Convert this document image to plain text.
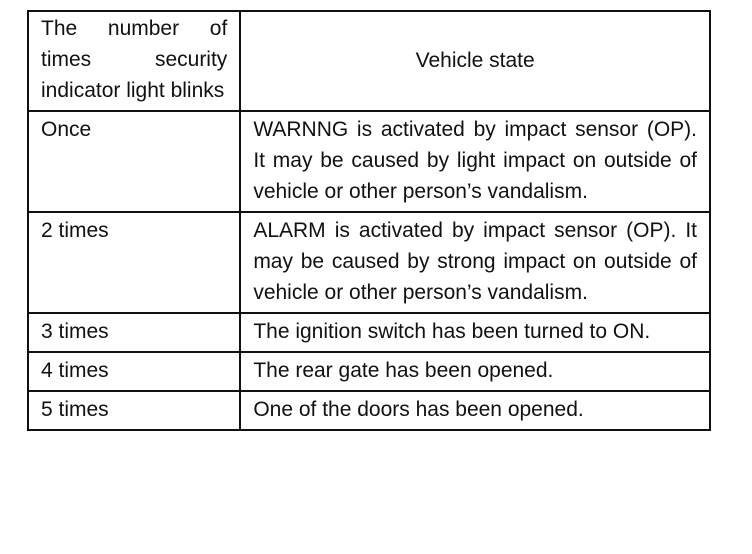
The number of times security indicator light blinks	Vehicle state
Once	WARNNG is activated by impact sensor (OP). It may be caused by light impact on outside of vehicle or other person’s vandalism.
2 times	ALARM is activated by impact sensor (OP). It may be caused by strong impact on outside of vehicle or other person’s vandalism.
3 times	The ignition switch has been turned to ON.
4 times	The rear gate has been opened.
5 times	One of the doors has been opened.
